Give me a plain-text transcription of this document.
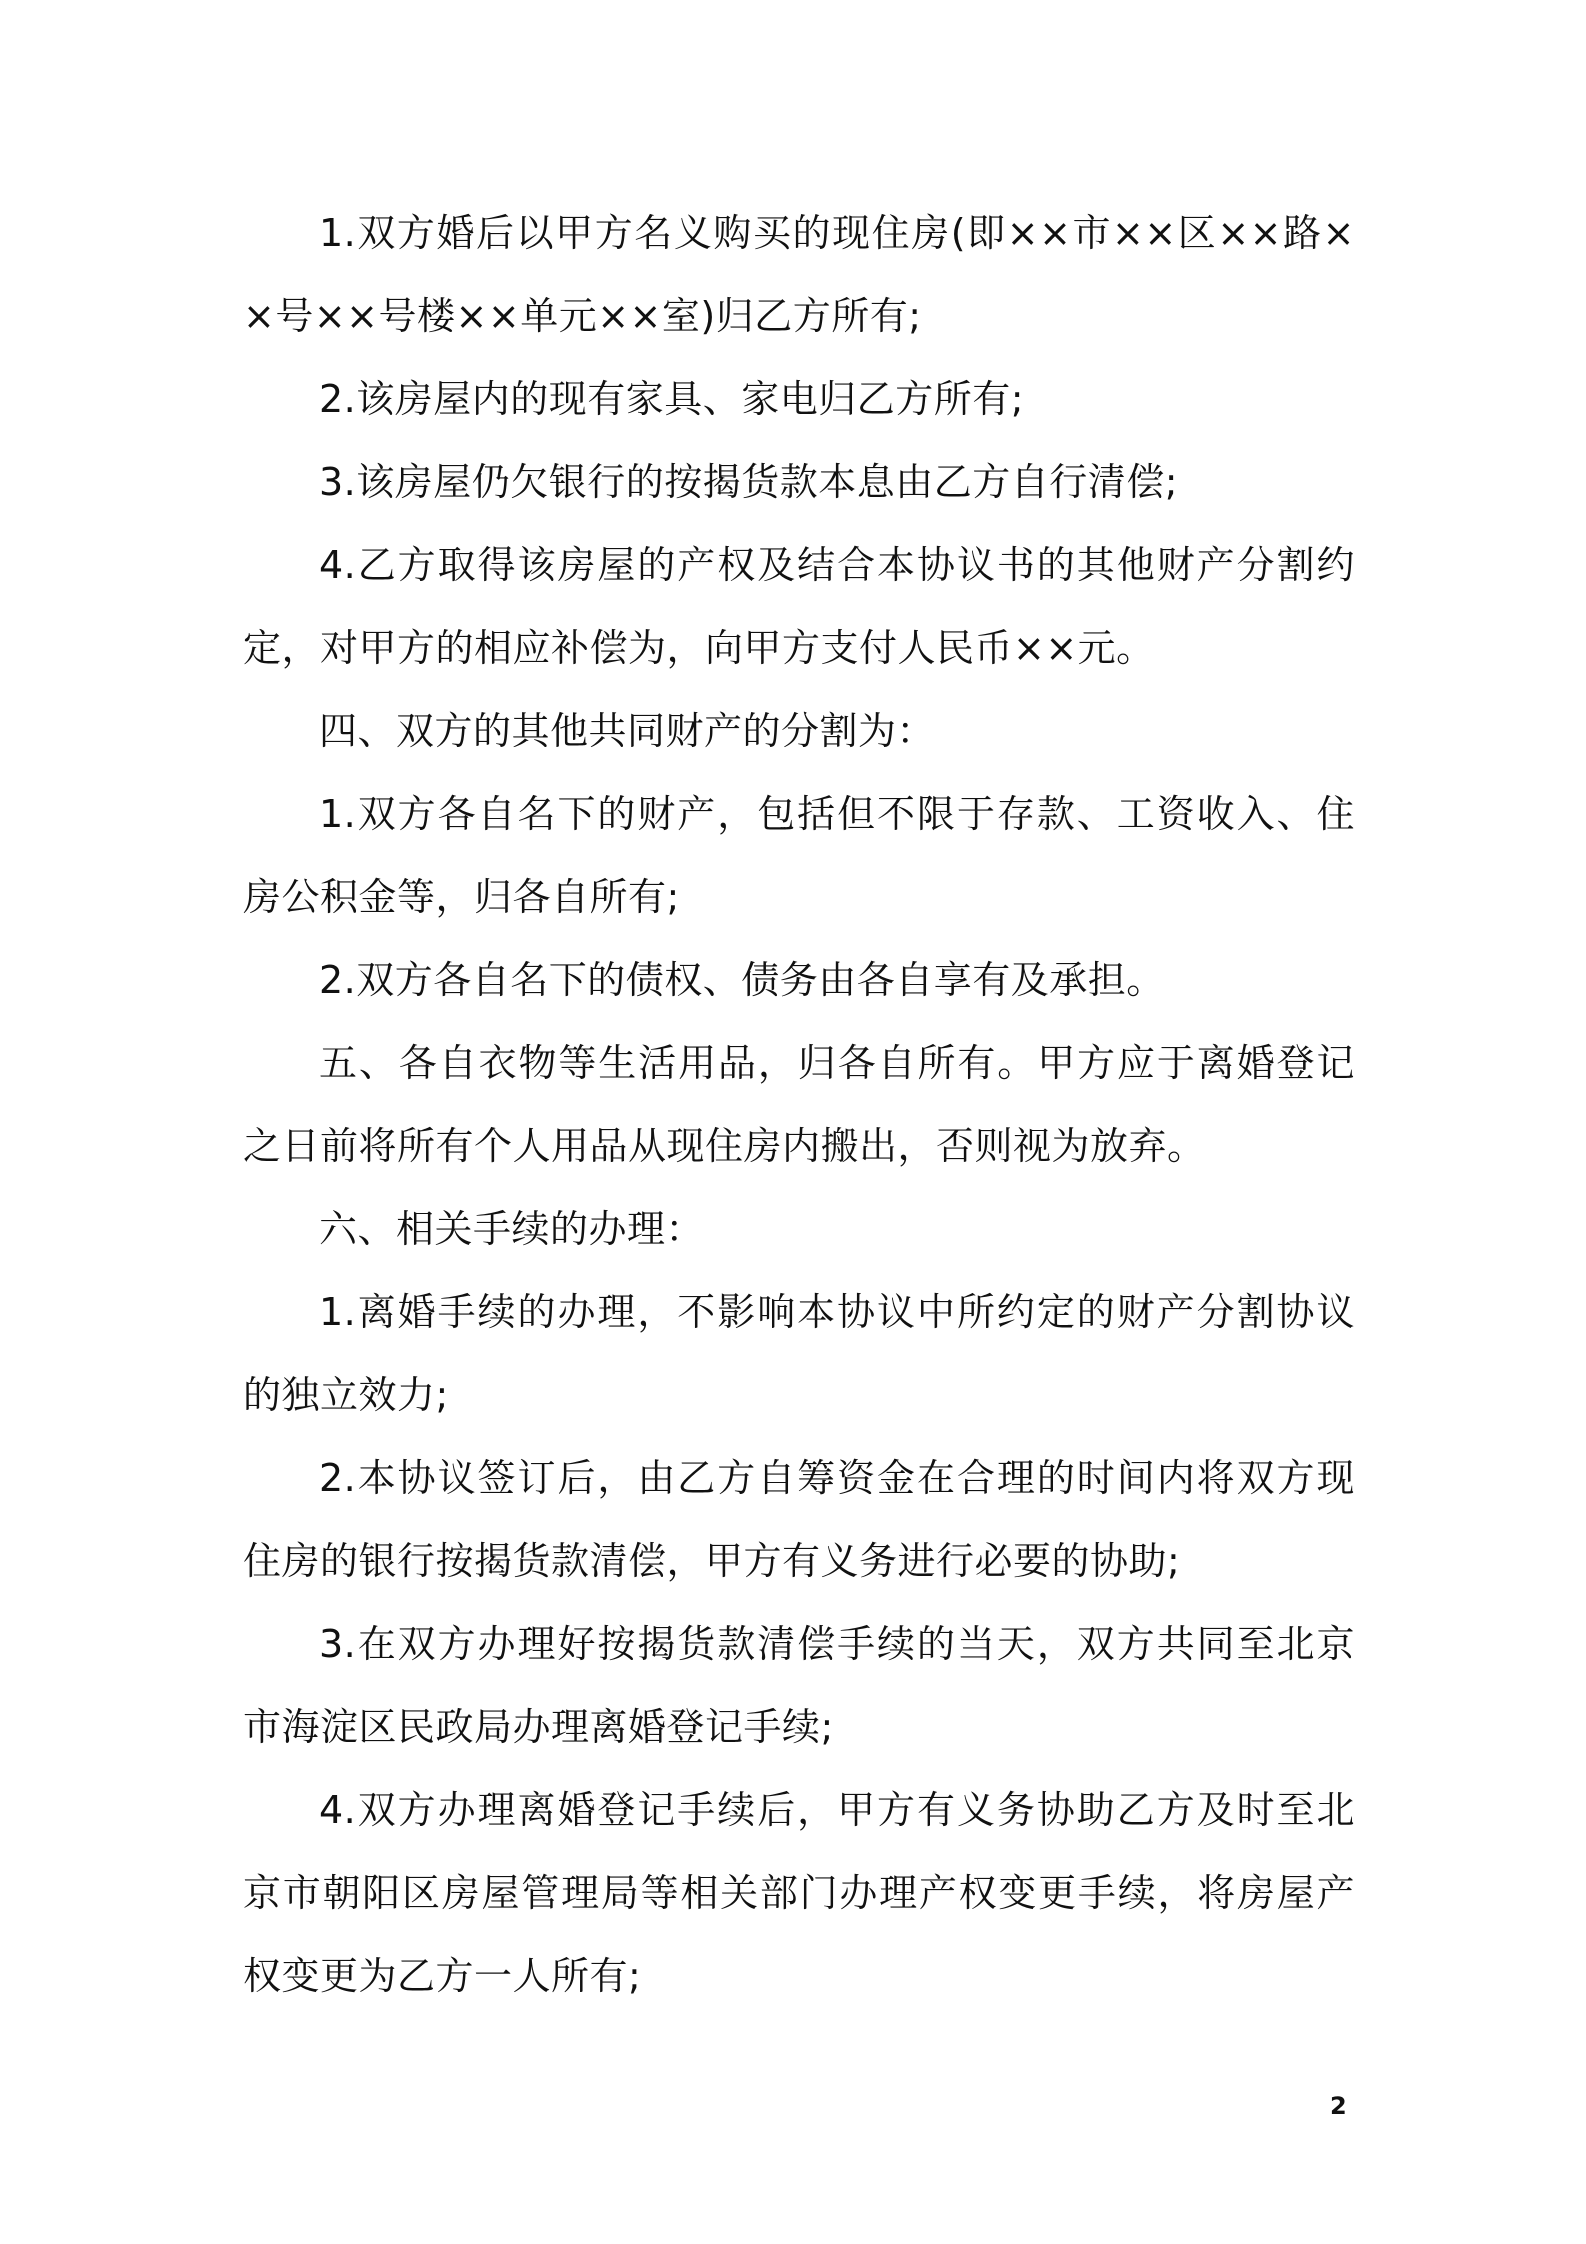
1.双方婚后以甲方名义购买的现住房(即××市××区××路××号××号楼××单元××室)归乙方所有;

2.该房屋内的现有家具、家电归乙方所有;

3.该房屋仍欠银行的按揭货款本息由乙方自行清偿;

4.乙方取得该房屋的产权及结合本协议书的其他财产分割约定，对甲方的相应补偿为，向甲方支付人民币××元。

四、双方的其他共同财产的分割为：

1.双方各自名下的财产，包括但不限于存款、工资收入、住房公积金等，归各自所有;

2.双方各自名下的债权、债务由各自享有及承担。

五、各自衣物等生活用品，归各自所有。甲方应于离婚登记之日前将所有个人用品从现住房内搬出，否则视为放弃。

六、相关手续的办理：

1.离婚手续的办理，不影响本协议中所约定的财产分割协议的独立效力;

2.本协议签订后，由乙方自筹资金在合理的时间内将双方现住房的银行按揭货款清偿，甲方有义务进行必要的协助;

3.在双方办理好按揭货款清偿手续的当天，双方共同至北京市海淀区民政局办理离婚登记手续;

4.双方办理离婚登记手续后，甲方有义务协助乙方及时至北京市朝阳区房屋管理局等相关部门办理产权变更手续，将房屋产权变更为乙方一人所有;

2
